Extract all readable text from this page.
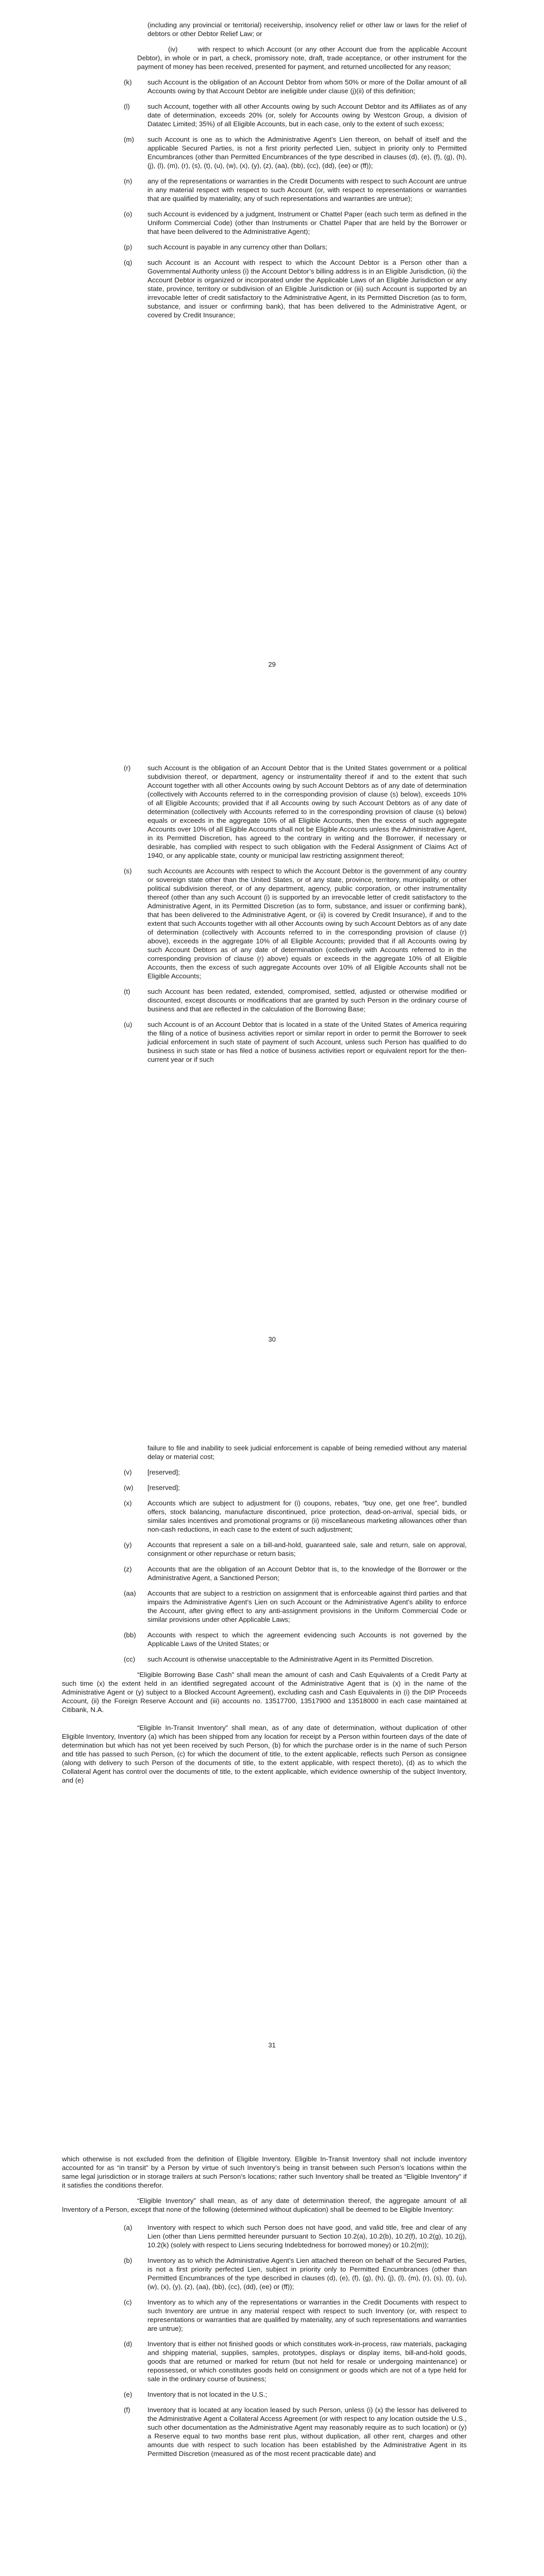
(including any provincial or territorial) receivership, insolvency relief or other law or laws for the relief of debtors or other Debtor Relief Law; or

(iv)       with respect to which Account (or any other Account due from the applicable Account Debtor), in whole or in part, a check, promissory note, draft, trade acceptance, or other instrument for the payment of money has been received, presented for payment, and returned uncollected for any reason;

(k)	such Account is the obligation of an Account Debtor from whom 50% or more of the Dollar amount of all Accounts owing by that Account Debtor are ineligible under clause (j)(ii) of this definition;
(l)	such Account, together with all other Accounts owing by such Account Debtor and its Affiliates as of any date of determination, exceeds 20% (or, solely for Accounts owing by Westcon Group, a division of Datatec Limited; 35%) of all Eligible Accounts, but in each case, only to the extent of such excess;
(m)	such Account is one as to which the Administrative Agent’s Lien thereon, on behalf of itself and the applicable Secured Parties, is not a first priority perfected Lien, subject in priority only to Permitted Encumbrances (other than Permitted Encumbrances of the type described in clauses (d), (e), (f), (g), (h), (j), (l), (m), (r), (s), (t), (u), (w), (x), (y), (z), (aa), (bb), (cc), (dd), (ee) or (ff));
(n)	any of the representations or warranties in the Credit Documents with respect to such Account are untrue in any material respect with respect to such Account (or, with respect to representations or warranties that are qualified by materiality, any of such representations and warranties are untrue);
(o)	such Account is evidenced by a judgment, Instrument or Chattel Paper (each such term as defined in the Uniform Commercial Code) (other than Instruments or Chattel Paper that are held by the Borrower or that have been delivered to the Administrative Agent);
(p)	such Account is payable in any currency other than Dollars;
(q)	such Account is an Account with respect to which the Account Debtor is a Person other than a Governmental Authority unless (i) the Account Debtor’s billing address is in an Eligible Jurisdiction, (ii) the Account Debtor is organized or incorporated under the Applicable Laws of an Eligible Jurisdiction or any state, province, territory or subdivision of an Eligible Jurisdiction or (iii) such Account is supported by an irrevocable letter of credit satisfactory to the Administrative Agent, in its Permitted Discretion (as to form, substance, and issuer or confirming bank), that has been delivered to the Administrative Agent, or covered by Credit Insurance;
29
(r)	such Account is the obligation of an Account Debtor that is the United States government or a political subdivision thereof, or department, agency or instrumentality thereof if and to the extent that such Account together with all other Accounts owing by such Account Debtors as of any date of determination (collectively with Accounts referred to in the corresponding provision of clause (s) below), exceeds 10% of all Eligible Accounts; provided that if all Accounts owing by such Account Debtors as of any date of determination (collectively with Accounts referred to in the corresponding provision of clause (s) below) equals or exceeds in the aggregate 10% of all Eligible Accounts, then the excess of such aggregate Accounts over 10% of all Eligible Accounts shall not be Eligible Accounts unless the Administrative Agent, in its Permitted Discretion, has agreed to the contrary in writing and the Borrower, if necessary or desirable, has complied with respect to such obligation with the Federal Assignment of Claims Act of 1940, or any applicable state, county or municipal law restricting assignment thereof;
(s)	such Accounts are Accounts with respect to which the Account Debtor is the government of any country or sovereign state other than the United States, or of any state, province, territory, municipality, or other political subdivision thereof, or of any department, agency, public corporation, or other instrumentality thereof (other than any such Account (i) is supported by an irrevocable letter of credit satisfactory to the Administrative Agent, in its Permitted Discretion (as to form, substance, and issuer or confirming bank), that has been delivered to the Administrative Agent, or (ii) is covered by Credit Insurance), if and to the extent that such Accounts together with all other Accounts owing by such Account Debtors as of any date of determination (collectively with Accounts referred to in the corresponding provision of clause (r) above), exceeds in the aggregate 10% of all Eligible Accounts; provided that if all Accounts owing by such Account Debtors as of any date of determination (collectively with Accounts referred to in the corresponding provision of clause (r) above) equals or exceeds in the aggregate 10% of all Eligible Accounts, then the excess of such aggregate Accounts over 10% of all Eligible Accounts shall not be Eligible Accounts;
(t)	such Account has been redated, extended, compromised, settled, adjusted or otherwise modified or discounted, except discounts or modifications that are granted by such Person in the ordinary course of business and that are reflected in the calculation of the Borrowing Base;
(u)	such Account is of an Account Debtor that is located in a state of the United States of America requiring the filing of a notice of business activities report or similar report in order to permit the Borrower to seek judicial enforcement in such state of payment of such Account, unless such Person has qualified to do business in such state or has filed a notice of business activities report or equivalent report for the then-current year or if such
30

failure to file and inability to seek judicial enforcement is capable of being remedied without any material delay or material cost;

(v)	[reserved];
(w)	[reserved];
(x)	Accounts which are subject to adjustment for (i) coupons, rebates, “buy one, get one free”, bundled offers, stock balancing, manufacture discontinued, price protection, dead-on-arrival, special bids, or similar sales incentives and promotional programs or (ii) miscellaneous marketing allowances other than non-cash reductions, in each case to the extent of such adjustment;
(y)	Accounts that represent a sale on a bill-and-hold, guaranteed sale, sale and return, sale on approval, consignment or other repurchase or return basis;
(z)	Accounts that are the obligation of an Account Debtor that is, to the knowledge of the Borrower or the Administrative Agent, a Sanctioned Person;
(aa)	Accounts that are subject to a restriction on assignment that is enforceable against third parties and that impairs the Administrative Agent’s Lien on such Account or the Administrative Agent’s ability to enforce the Account, after giving effect to any anti-assignment provisions in the Uniform Commercial Code or similar provisions under other Applicable Laws;
(bb)	Accounts with respect to which the agreement evidencing such Accounts is not governed by the Applicable Laws of the United States; or
(cc)	such Account is otherwise unacceptable to the Administrative Agent in its Permitted Discretion.

“Eligible Borrowing Base Cash” shall mean the amount of cash and Cash Equivalents of a Credit Party at such time (x) the extent held in an identified segregated account of the Administrative Agent that is (x) in the name of the Administrative Agent or (y) subject to a Blocked Account Agreement), excluding cash and Cash Equivalents in (i) the DIP Proceeds Account, (ii) the Foreign Reserve Account and (iii) accounts no. 13517700, 13517900 and 13518000 in each case maintained at Citibank, N.A.

“Eligible In-Transit Inventory” shall mean, as of any date of determination, without duplication of other Eligible Inventory, Inventory (a) which has been shipped from any location for receipt by a Person within fourteen days of the date of determination but which has not yet been received by such Person, (b) for which the purchase order is in the name of such Person and title has passed to such Person, (c) for which the document of title, to the extent applicable, reflects such Person as consignee (along with delivery to such Person of the documents of title, to the extent applicable, with respect thereto), (d) as to which the Collateral Agent has control over the documents of title, to the extent applicable, which evidence ownership of the subject Inventory, and (e)

31

which otherwise is not excluded from the definition of Eligible Inventory. Eligible In-Transit Inventory shall not include inventory accounted for as “in transit” by a Person by virtue of such Inventory’s being in transit between such Person’s locations within the same legal jurisdiction or in storage trailers at such Person’s locations; rather such Inventory shall be treated as “Eligible Inventory” if it satisfies the conditions therefor.

“Eligible Inventory” shall mean, as of any date of determination thereof, the aggregate amount of all Inventory of a Person, except that none of the following (determined without duplication) shall be deemed to be Eligible Inventory:

(a)	Inventory with respect to which such Person does not have good, and valid title, free and clear of any Lien (other than Liens permitted hereunder pursuant to Section 10.2(a), 10.2(b), 10.2(f), 10.2(g), 10.2(j), 10.2(k) (solely with respect to Liens securing Indebtedness for borrowed money) or 10.2(m));
(b)	Inventory as to which the Administrative Agent’s Lien attached thereon on behalf of the Secured Parties, is not a first priority perfected Lien, subject in priority only to Permitted Encumbrances (other than Permitted Encumbrances of the type described in clauses (d), (e), (f), (g), (h), (j), (l), (m), (r), (s), (t), (u), (w), (x), (y), (z), (aa), (bb), (cc), (dd), (ee) or (ff));
(c)	Inventory as to which any of the representations or warranties in the Credit Documents with respect to such Inventory are untrue in any material respect with respect to such Inventory (or, with respect to representations or warranties that are qualified by materiality, any of such representations and warranties are untrue);
(d)	Inventory that is either not finished goods or which constitutes work-in-process, raw materials, packaging and shipping material, supplies, samples, prototypes, displays or display items, bill-and-hold goods, goods that are returned or marked for return (but not held for resale or undergoing maintenance) or repossessed, or which constitutes goods held on consignment or goods which are not of a type held for sale in the ordinary course of business;
(e)	Inventory that is not located in the U.S.;
(f)	Inventory that is located at any location leased by such Person, unless (i) (x) the lessor has delivered to the Administrative Agent a Collateral Access Agreement (or with respect to any location outside the U.S., such other documentation as the Administrative Agent may reasonably require as to such location) or (y) a Reserve equal to two months base rent plus, without duplication, all other rent, charges and other amounts due with respect to such location has been established by the Administrative Agent in its Permitted Discretion (measured as of the most recent practicable date) and
